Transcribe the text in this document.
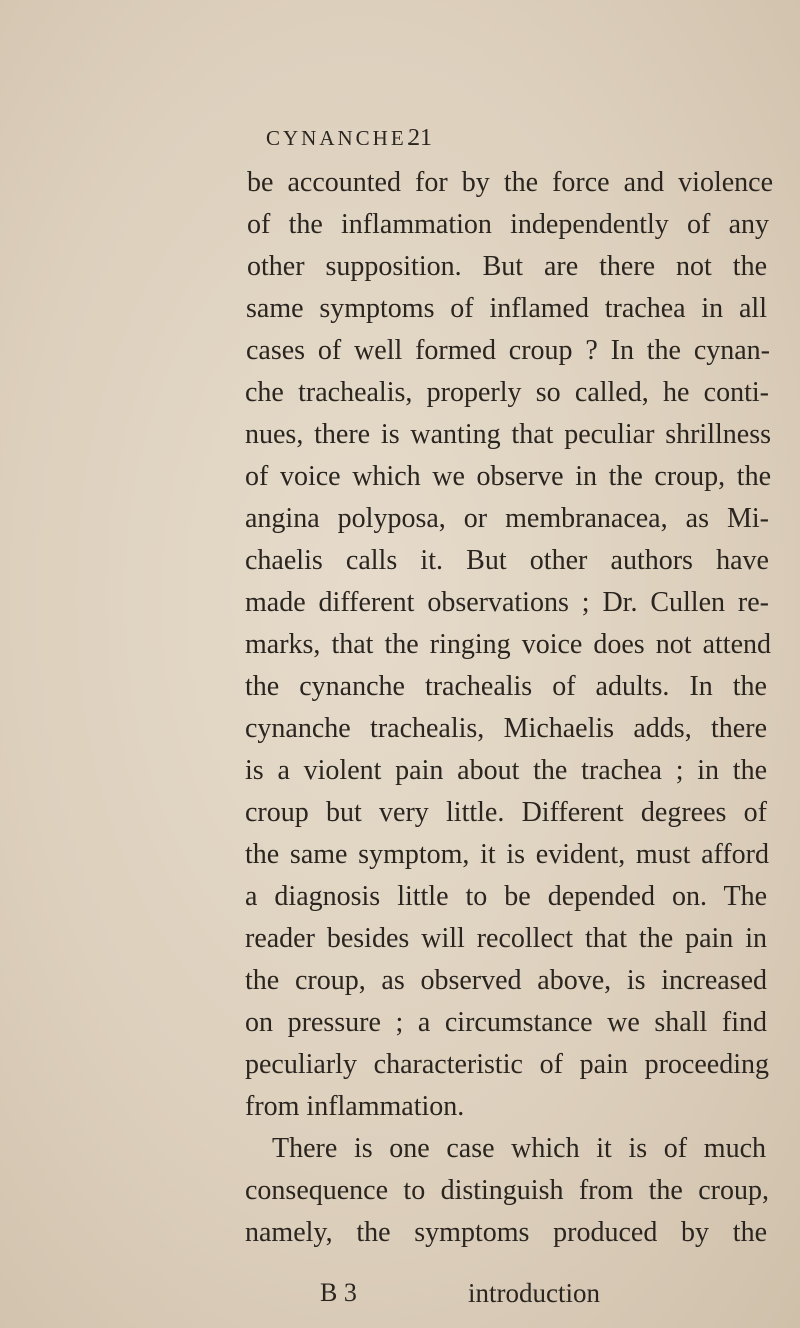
CYNANCHE.
21
be accounted for by the force and violence
of the inflammation independently of any
other supposition. But are there not the
same symptoms of inflamed trachea in all
cases of well formed croup ? In the cynan-
che trachealis, properly so called, he conti-
nues, there is wanting that peculiar shrillness
of voice which we observe in the croup, the
angina polyposa, or membranacea, as Mi-
chaelis calls it. But other authors have
made different observations ; Dr. Cullen re-
marks, that the ringing voice does not attend
the cynanche trachealis of adults. In the
cynanche trachealis, Michaelis adds, there
is a violent pain about the trachea ; in the
croup but very little. Different degrees of
the same symptom, it is evident, must afford
a diagnosis little to be depended on. The
reader besides will recollect that the pain in
the croup, as observed above, is increased
on pressure ; a circumstance we shall find
peculiarly characteristic of pain proceeding
from inflammation.
There is one case which it is of much
consequence to distinguish from the croup,
namely, the symptoms produced by the
B 3	introduction
